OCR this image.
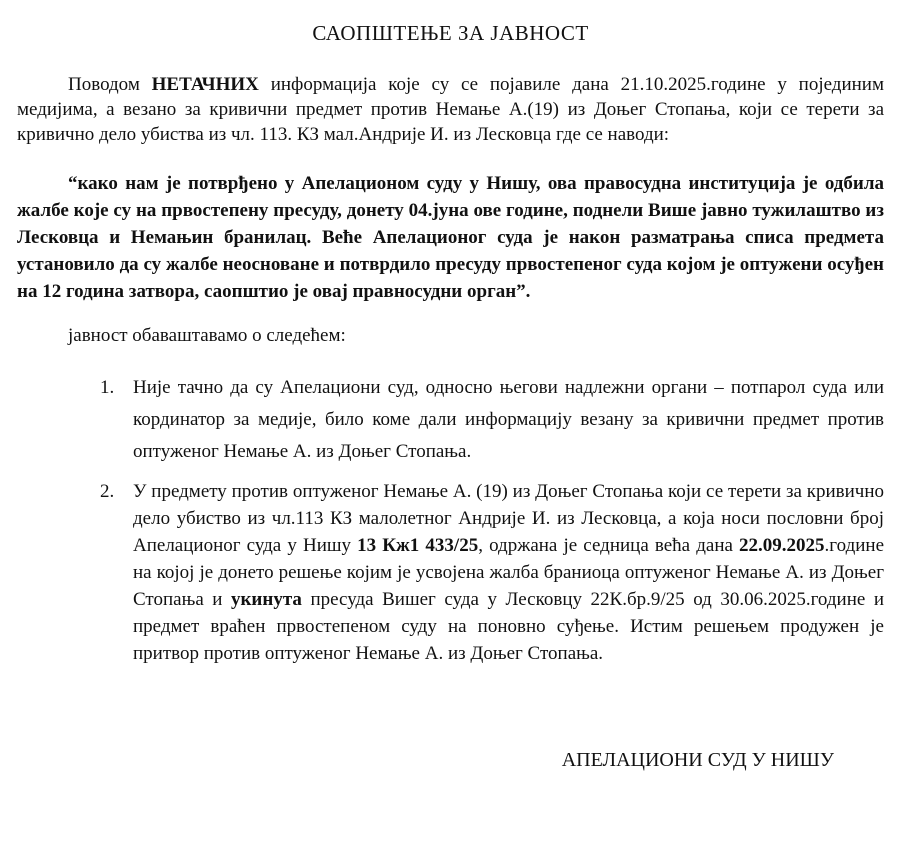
САОПШТЕЊЕ ЗА ЈАВНОСТ

Поводом НЕТАЧНИХ информација које су се појавиле дана 21.10.2025.године у појединим медијима, а везано за кривични предмет против Немање А.(19) из Доњег Стопања, који се терети за кривично дело убиства из чл. 113. КЗ мал.Андрије И. из Лесковца где се наводи:

“како нам је потврђено у Апелационом суду у Нишу, ова правосудна институција је одбила жалбе које су на првостепену пресуду, донету 04.јуна ове године, поднели Више јавно тужилаштво из Лесковца и Немањин бранилац. Веће Апелационог суда је након разматрања списа предмета установило да су жалбе неосноване и потврдило пресуду првостепеног суда којом је оптужени осуђен на 12 година затвора, саопштио је овај правносудни орган”.

јавност обаваштавамо о следећем:

1. Није тачно да су Апелациони суд, односно његови надлежни органи – потпарол суда или кординатор за медије, било коме дали информацију везану за кривични предмет против оптуженог Немање А. из Доњег Стопања.
2. У предмету против оптуженог Немање А. (19) из Доњег Стопања који се терети за кривично дело убиство из чл.113 КЗ малолетног Андрије И. из Лесковца, а која носи пословни број Апелационог суда у Нишу 13 Кж1 433/25, одржана је седница већа дана 22.09.2025.године на којој је донето решење којим је усвојена жалба браниоца оптуженог Немање А. из Доњег Стопања и укинута пресуда Вишег суда у Лесковцу 22К.бр.9/25 од 30.06.2025.године и предмет враћен првостепеном суду на поновно суђење. Истим решењем продужен је притвор против оптуженог Немање А. из Доњег Стопања.
АПЕЛАЦИОНИ СУД У НИШУ
